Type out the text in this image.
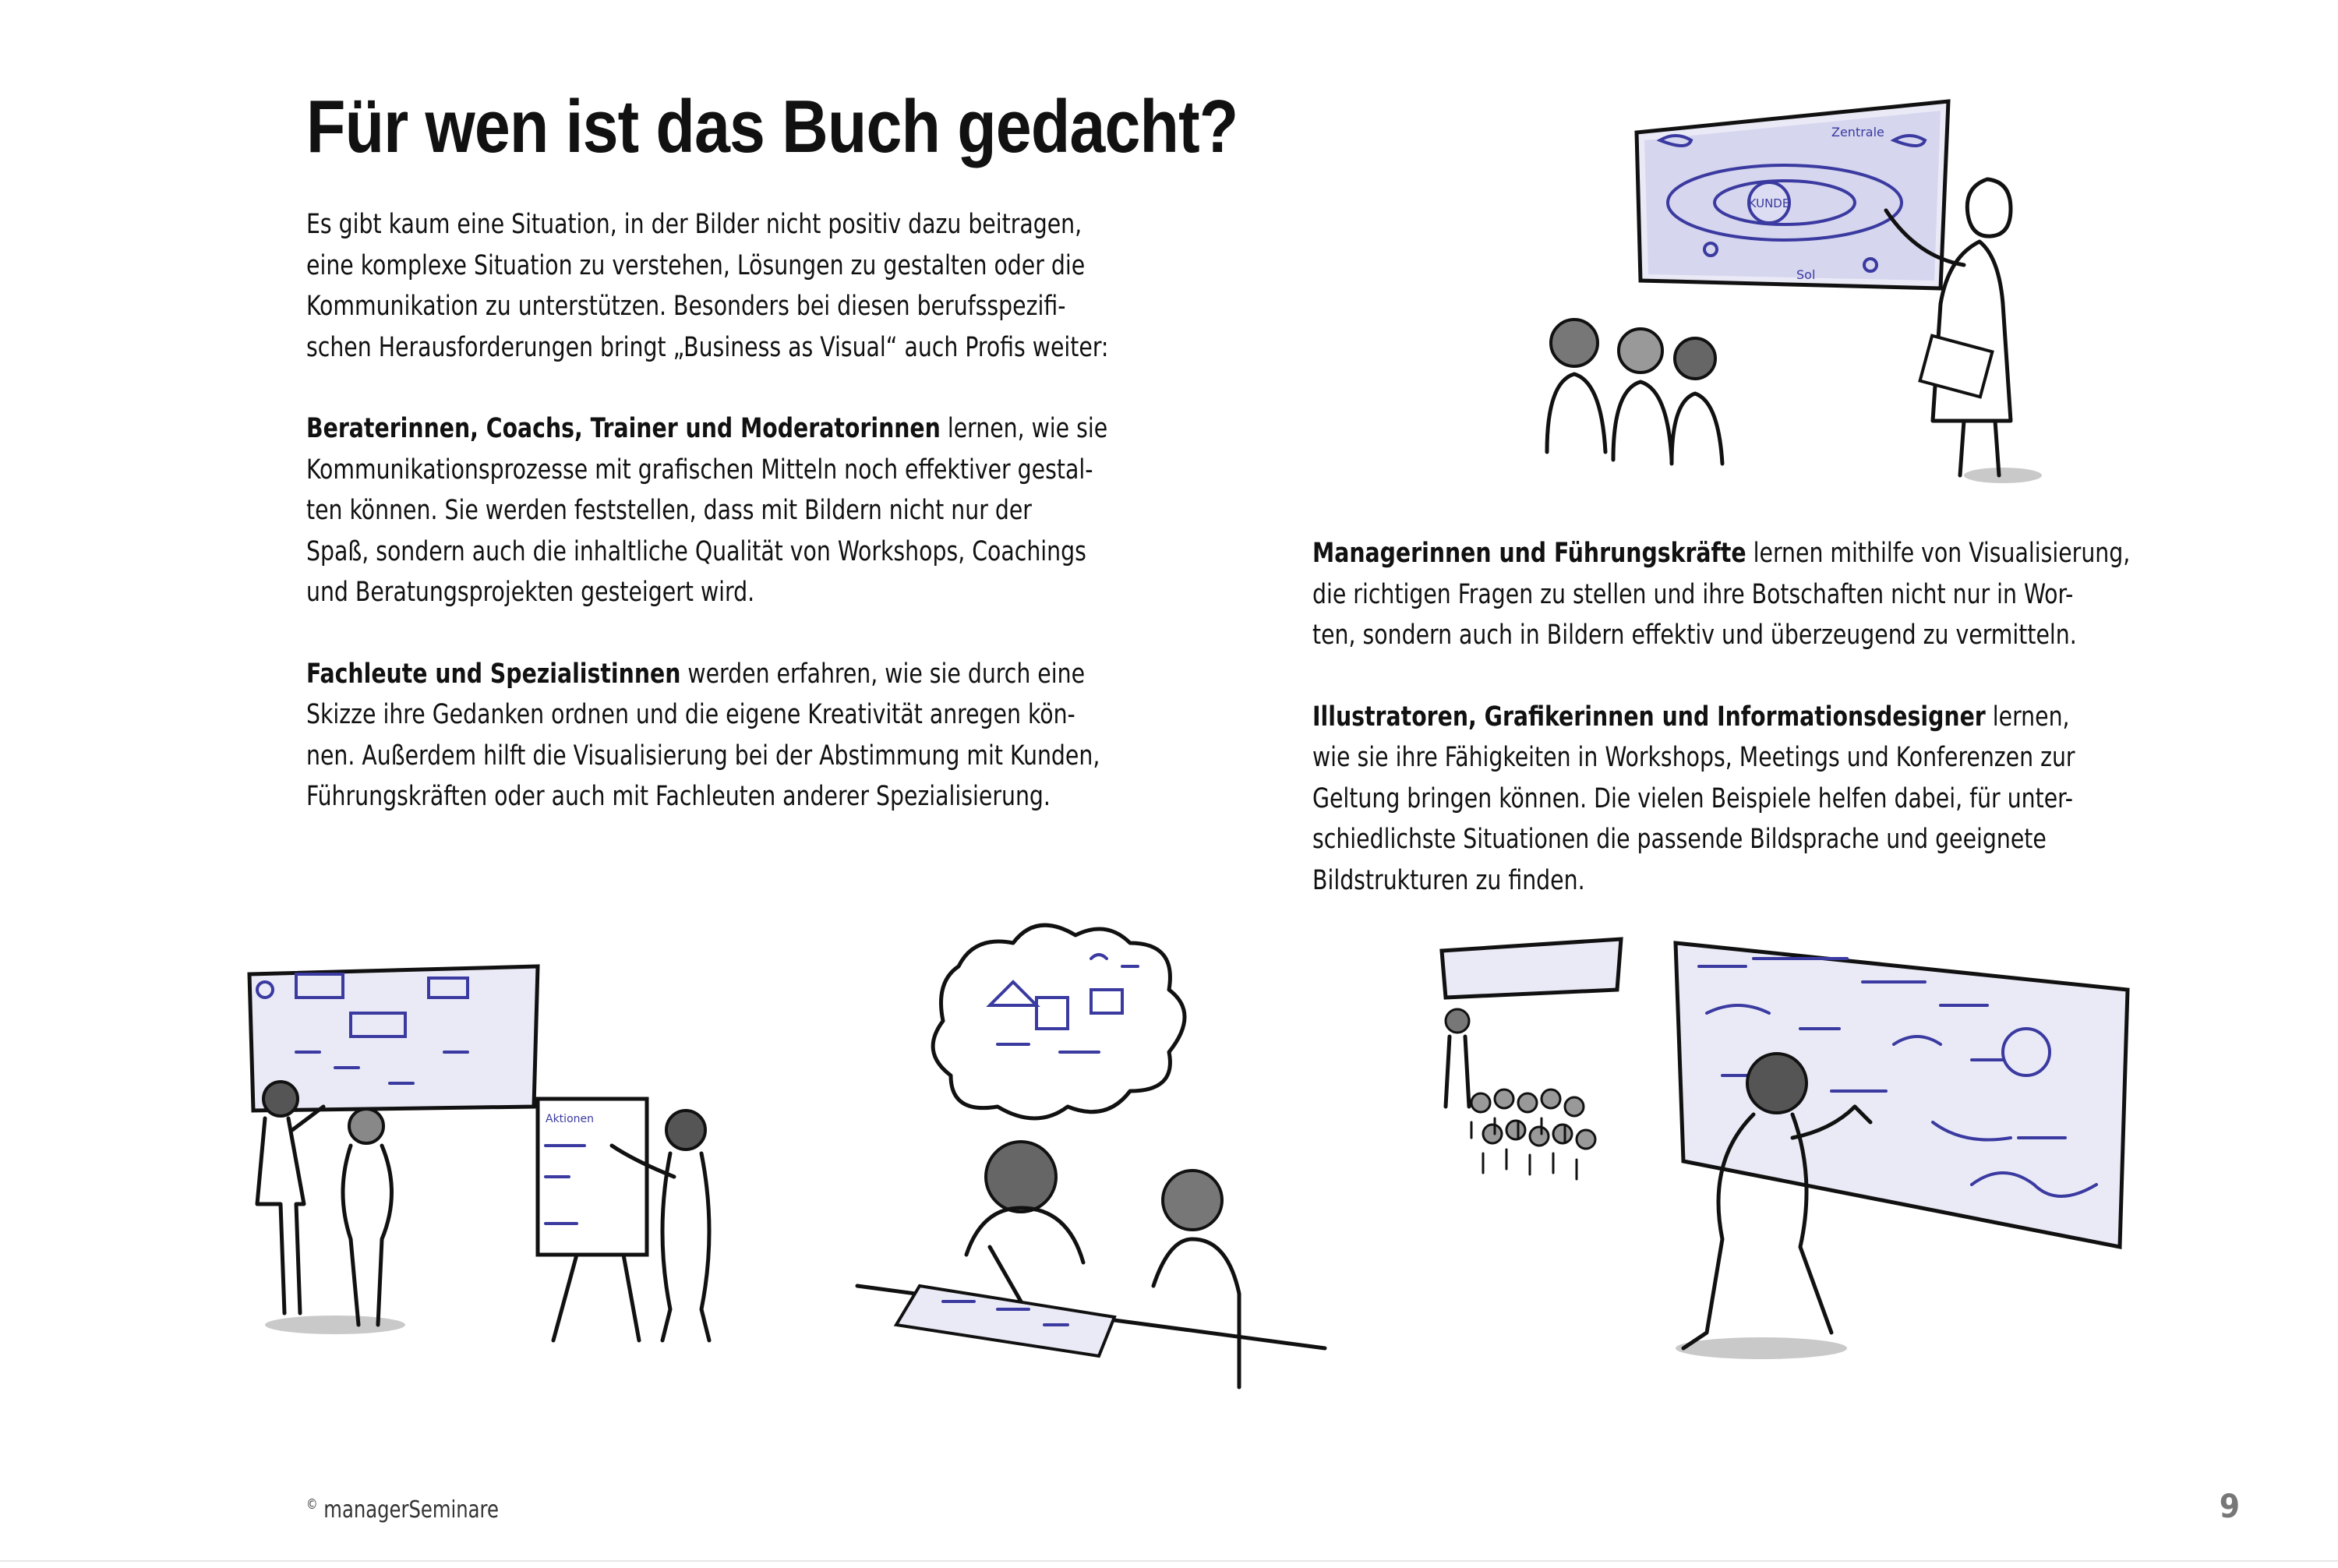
Für wen ist das Buch gedacht?

Es gibt kaum eine Situation, in der Bilder nicht positiv dazu beitragen,
eine komplexe Situation zu verstehen, Lösungen zu gestalten oder die
Kommunikation zu unterstützen. Besonders bei diesen berufsspezifi-
schen Herausforderungen bringt „Business as Visual“ auch Profis weiter:

Beraterinnen, Coachs, Trainer und Moderatorinnen lernen, wie sie
Kommunikationsprozesse mit grafischen Mitteln noch effektiver gestal-
ten können. Sie werden feststellen, dass mit Bildern nicht nur der
Spaß, sondern auch die inhaltliche Qualität von Workshops, Coachings
und Beratungsprojekten gesteigert wird.

Fachleute und Spezialistinnen werden erfahren, wie sie durch eine
Skizze ihre Gedanken ordnen und die eigene Kreativität anregen kön-
nen. Außerdem hilft die Visualisierung bei der Abstimmung mit Kunden,
Führungskräften oder auch mit Fachleuten anderer Spezialisierung.

Managerinnen und Führungskräfte lernen mithilfe von Visualisierung,
die richtigen Fragen zu stellen und ihre Botschaften nicht nur in Wor-
ten, sondern auch in Bildern effektiv und überzeugend zu vermitteln.

Illustratoren, Grafikerinnen und Informationsdesigner lernen,
wie sie ihre Fähigkeiten in Workshops, Meetings und Konferenzen zur
Geltung bringen können. Die vielen Beispiele helfen dabei, für unter-
schiedlichste Situationen die passende Bildsprache und geeignete
Bildstrukturen zu finden.

KUNDE
Zentrale
Sol
Aktionen
© managerSeminare	9
